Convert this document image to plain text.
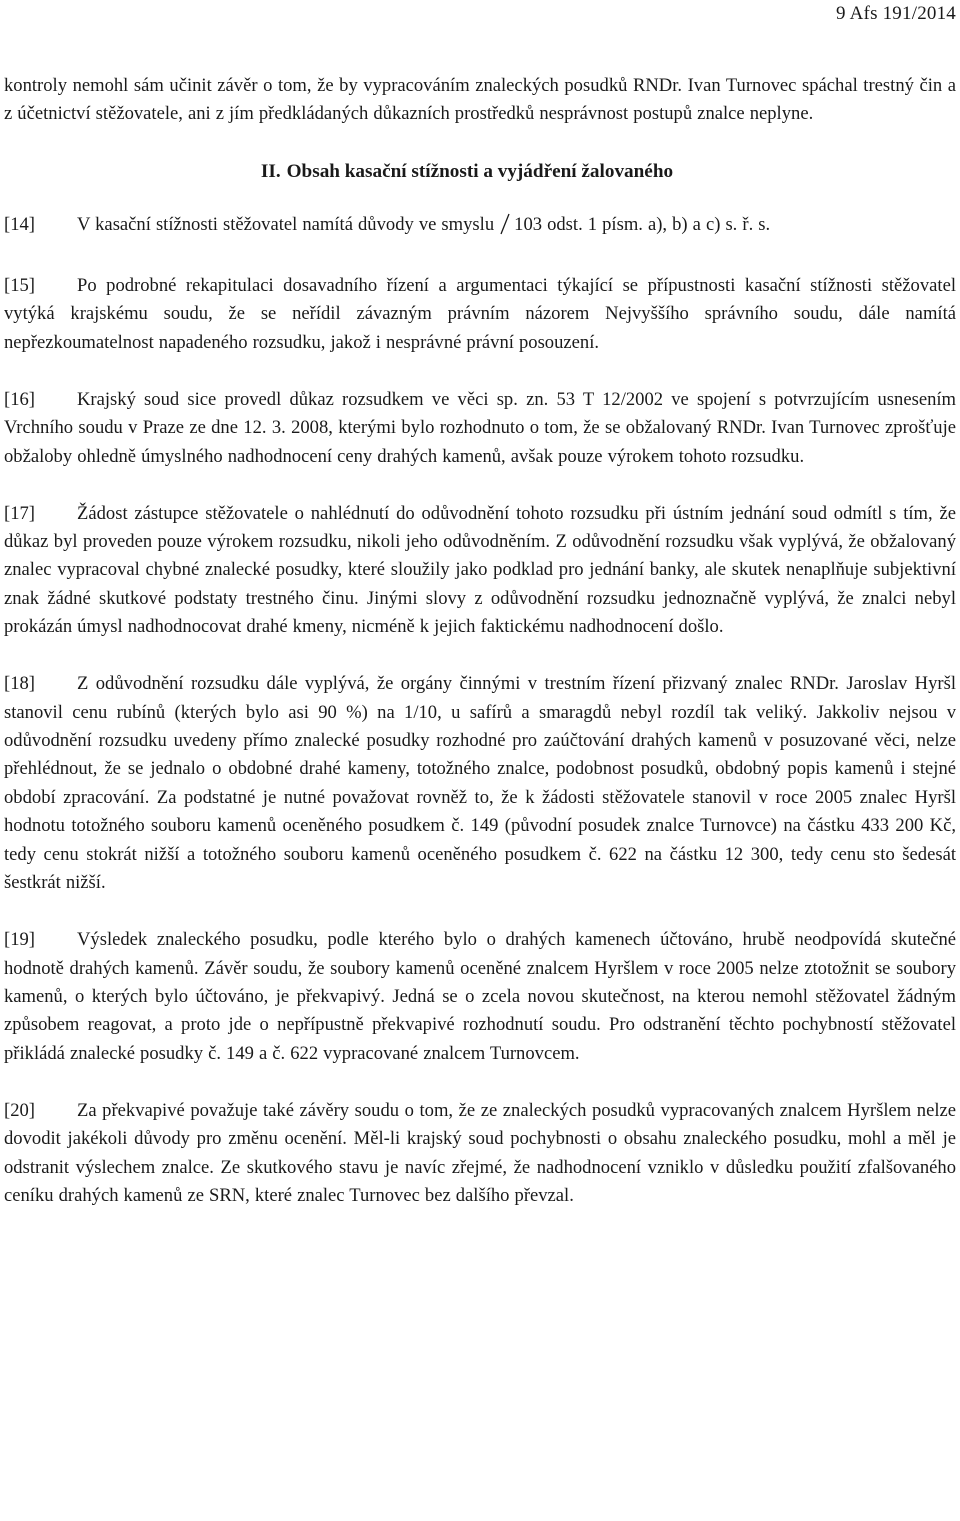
9 Afs 191/2014

kontroly nemohl sám učinit závěr o tom, že by vypracováním znaleckých posudků RNDr. Ivan Turnovec spáchal trestný čin a z účetnictví stěžovatele, ani z jím předkládaných důkazních prostředků nesprávnost postupů znalce neplyne.

II. Obsah kasační stížnosti a vyjádření žalovaného

[14] V kasační stížnosti stěžovatel namítá důvody ve smyslu 103 odst. 1 písm. a), b) a c) s. ř. s.

[15] Po podrobné rekapitulaci dosavadního řízení a argumentaci týkající se přípustnosti kasační stížnosti stěžovatel vytýká krajskému soudu, že se neřídil závazným právním názorem Nejvyššího správního soudu, dále namítá nepřezkoumatelnost napadeného rozsudku, jakož i nesprávné právní posouzení.

[16] Krajský soud sice provedl důkaz rozsudkem ve věci sp. zn. 53 T 12/2002 ve spojení s potvrzujícím usnesením Vrchního soudu v Praze ze dne 12. 3. 2008, kterými bylo rozhodnuto o tom, že se obžalovaný RNDr. Ivan Turnovec zprošťuje obžaloby ohledně úmyslného nadhodnocení ceny drahých kamenů, avšak pouze výrokem tohoto rozsudku.

[17] Žádost zástupce stěžovatele o nahlédnutí do odůvodnění tohoto rozsudku při ústním jednání soud odmítl s tím, že důkaz byl proveden pouze výrokem rozsudku, nikoli jeho odůvodněním. Z odůvodnění rozsudku však vyplývá, že obžalovaný znalec vypracoval chybné znalecké posudky, které sloužily jako podklad pro jednání banky, ale skutek nenaplňuje subjektivní znak žádné skutkové podstaty trestného činu. Jinými slovy z odůvodnění rozsudku jednoznačně vyplývá, že znalci nebyl prokázán úmysl nadhodnocovat drahé kmeny, nicméně k jejich faktickému nadhodnocení došlo.

[18] Z odůvodnění rozsudku dále vyplývá, že orgány činnými v trestním řízení přizvaný znalec RNDr. Jaroslav Hyršl stanovil cenu rubínů (kterých bylo asi 90 %) na 1/10, u safírů a smaragdů nebyl rozdíl tak veliký. Jakkoliv nejsou v odůvodnění rozsudku uvedeny přímo znalecké posudky rozhodné pro zaúčtování drahých kamenů v posuzované věci, nelze přehlédnout, že se jednalo o obdobné drahé kameny, totožného znalce, podobnost posudků, obdobný popis kamenů i stejné období zpracování. Za podstatné je nutné považovat rovněž to, že k žádosti stěžovatele stanovil v roce 2005 znalec Hyršl hodnotu totožného souboru kamenů oceněného posudkem č. 149 (původní posudek znalce Turnovce) na částku 433 200 Kč, tedy cenu stokrát nižší a totožného souboru kamenů oceněného posudkem č. 622 na částku 12 300, tedy cenu sto šedesát šestkrát nižší.

[19] Výsledek znaleckého posudku, podle kterého bylo o drahých kamenech účtováno, hrubě neodpovídá skutečné hodnotě drahých kamenů. Závěr soudu, že soubory kamenů oceněné znalcem Hyršlem v roce 2005 nelze ztotožnit se soubory kamenů, o kterých bylo účtováno, je překvapivý. Jedná se o zcela novou skutečnost, na kterou nemohl stěžovatel žádným způsobem reagovat, a proto jde o nepřípustně překvapivé rozhodnutí soudu. Pro odstranění těchto pochybností stěžovatel přikládá znalecké posudky č. 149 a č. 622 vypracované znalcem Turnovcem.

[20] Za překvapivé považuje také závěry soudu o tom, že ze znaleckých posudků vypracovaných znalcem Hyršlem nelze dovodit jakékoli důvody pro změnu ocenění. Měl-li krajský soud pochybnosti o obsahu znaleckého posudku, mohl a měl je odstranit výslechem znalce. Ze skutkového stavu je navíc zřejmé, že nadhodnocení vzniklo v důsledku použití zfalšovaného ceníku drahých kamenů ze SRN, které znalec Turnovec bez dalšího převzal.
